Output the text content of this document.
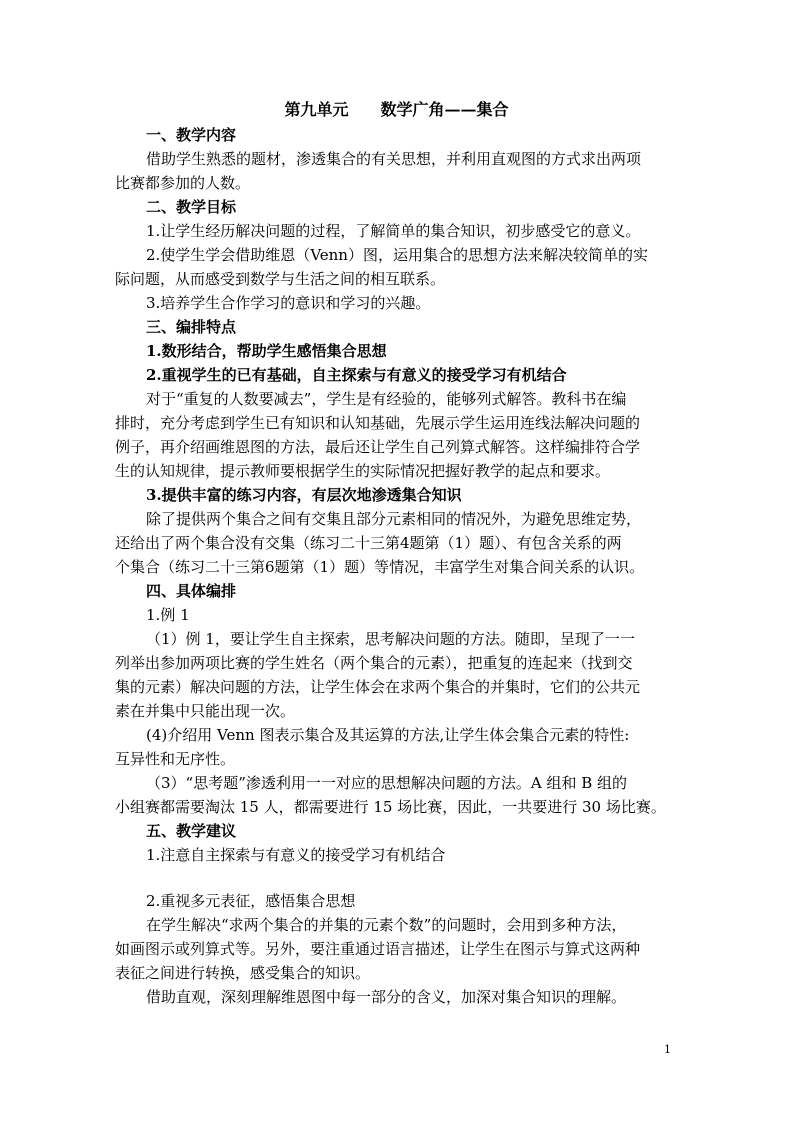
第九单元　　数学广角——集合
一、教学内容
借助学生熟悉的题材，渗透集合的有关思想，并利用直观图的方式求出两项
比赛都参加的人数。
二、教学目标
1.让学生经历解决问题的过程，了解简单的集合知识，初步感受它的意义。
2.使学生学会借助维恩（Venn）图，运用集合的思想方法来解决较简单的实
际问题，从而感受到数学与生活之间的相互联系。
3.培养学生合作学习的意识和学习的兴趣。
三、编排特点
1.数形结合，帮助学生感悟集合思想
2.重视学生的已有基础，自主探索与有意义的接受学习有机结合
对于“重复的人数要减去”，学生是有经验的，能够列式解答。教科书在编
排时，充分考虑到学生已有知识和认知基础，先展示学生运用连线法解决问题的
例子，再介绍画维恩图的方法，最后还让学生自己列算式解答。这样编排符合学
生的认知规律，提示教师要根据学生的实际情况把握好教学的起点和要求。
3.提供丰富的练习内容，有层次地渗透集合知识
除了提供两个集合之间有交集且部分元素相同的情况外，为避免思维定势，
还给出了两个集合没有交集（练习二十三第4题第（1）题）、有包含关系的两
个集合（练习二十三第6题第（1）题）等情况，丰富学生对集合间关系的认识。
四、具体编排
1.例 1
（1）例 1，要让学生自主探索，思考解决问题的方法。随即，呈现了一一
列举出参加两项比赛的学生姓名（两个集合的元素），把重复的连起来（找到交
集的元素）解决问题的方法，让学生体会在求两个集合的并集时，它们的公共元
素在并集中只能出现一次。
(4)介绍用 Venn 图表示集合及其运算的方法,让学生体会集合元素的特性:
互异性和无序性。
（3）“思考题”渗透利用一一对应的思想解决问题的方法。A 组和 B 组的
小组赛都需要淘汰 15 人，都需要进行 15 场比赛，因此，一共要进行 30 场比赛。
五、教学建议
1.注意自主探索与有意义的接受学习有机结合
2.重视多元表征，感悟集合思想
在学生解决“求两个集合的并集的元素个数”的问题时，会用到多种方法，
如画图示或列算式等。另外，要注重通过语言描述，让学生在图示与算式这两种
表征之间进行转换，感受集合的知识。
借助直观，深刻理解维恩图中每一部分的含义，加深对集合知识的理解。
1
